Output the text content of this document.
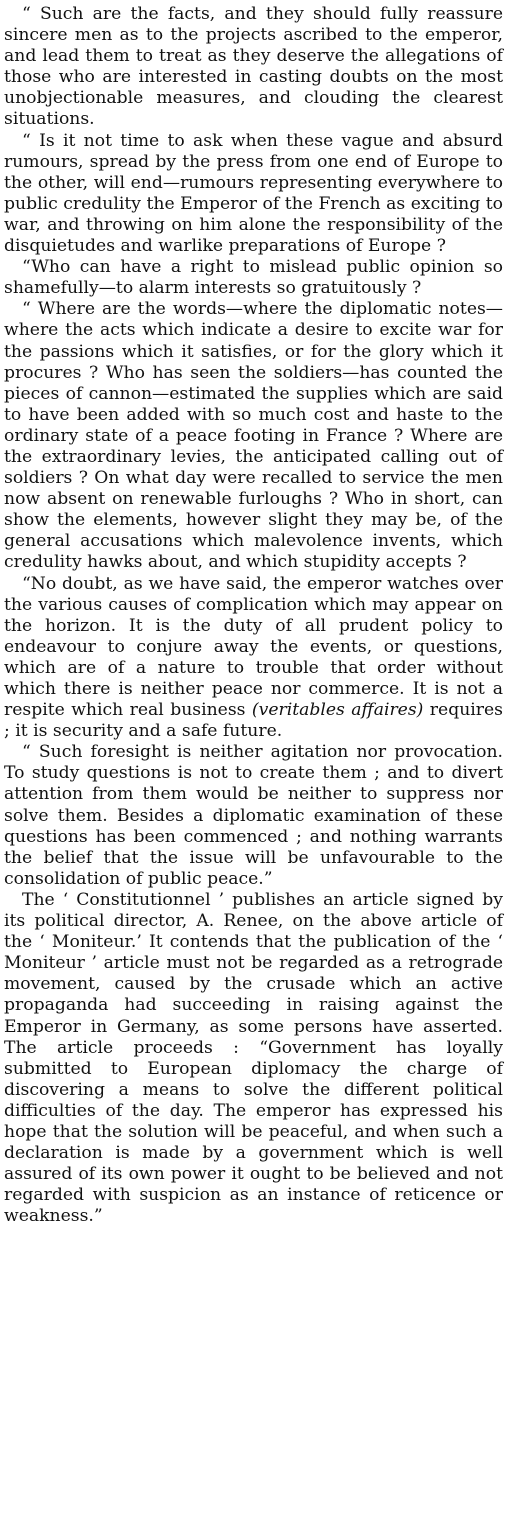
“ Such are the facts, and they should fully reassure sincere men as to the projects ascribed to the emperor, and lead them to treat as they deserve the allegations of those who are interested in casting doubts on the most unobjectionable measures, and clouding the clearest situations.

“ Is it not time to ask when these vague and absurd rumours, spread by the press from one end of Europe to the other, will end—rumours representing everywhere to public credulity the Emperor of the French as exciting to war, and throwing on him alone the responsibility of the disquietudes and warlike preparations of Europe ?

“Who can have a right to mislead public opinion so shamefully—to alarm interests so gratuitously ?

“ Where are the words—where the diplomatic notes—where the acts which indicate a desire to excite war for the passions which it satisfies, or for the glory which it procures ? Who has seen the soldiers—has counted the pieces of cannon—estimated the supplies which are said to have been added with so much cost and haste to the ordinary state of a peace footing in France ? Where are the extraordinary levies, the anticipated calling out of soldiers ? On what day were recalled to service the men now absent on renewable furloughs ? Who in short, can show the elements, however slight they may be, of the general accusations which malevolence invents, which credulity hawks about, and which stupidity accepts ?

“No doubt, as we have said, the emperor watches over the various causes of complication which may appear on the horizon. It is the duty of all prudent policy to endeavour to conjure away the events, or questions, which are of a nature to trouble that order without which there is neither peace nor commerce. It is not a respite which real business (veritables affaires) requires ; it is security and a safe future.

“ Such foresight is neither agitation nor provocation. To study questions is not to create them ; and to divert attention from them would be neither to suppress nor solve them. Besides a diplomatic examination of these questions has been commenced ; and nothing warrants the belief that the issue will be unfavourable to the consolidation of public peace.”

The ‘ Constitutionnel ’ publishes an article signed by its political director, A. Renee, on the above article of the ‘ Moniteur.’ It contends that the publication of the ‘ Moniteur ’ article must not be regarded as a retrograde movement, caused by the crusade which an active propaganda had succeeding in raising against the Emperor in Germany, as some persons have asserted. The article proceeds : “Government has loyally submitted to European diplomacy the charge of discovering a means to solve the different political difficulties of the day. The emperor has expressed his hope that the solution will be peaceful, and when such a declaration is made by a government which is well assured of its own power it ought to be believed and not regarded with suspicion as an instance of reticence or weakness.”
